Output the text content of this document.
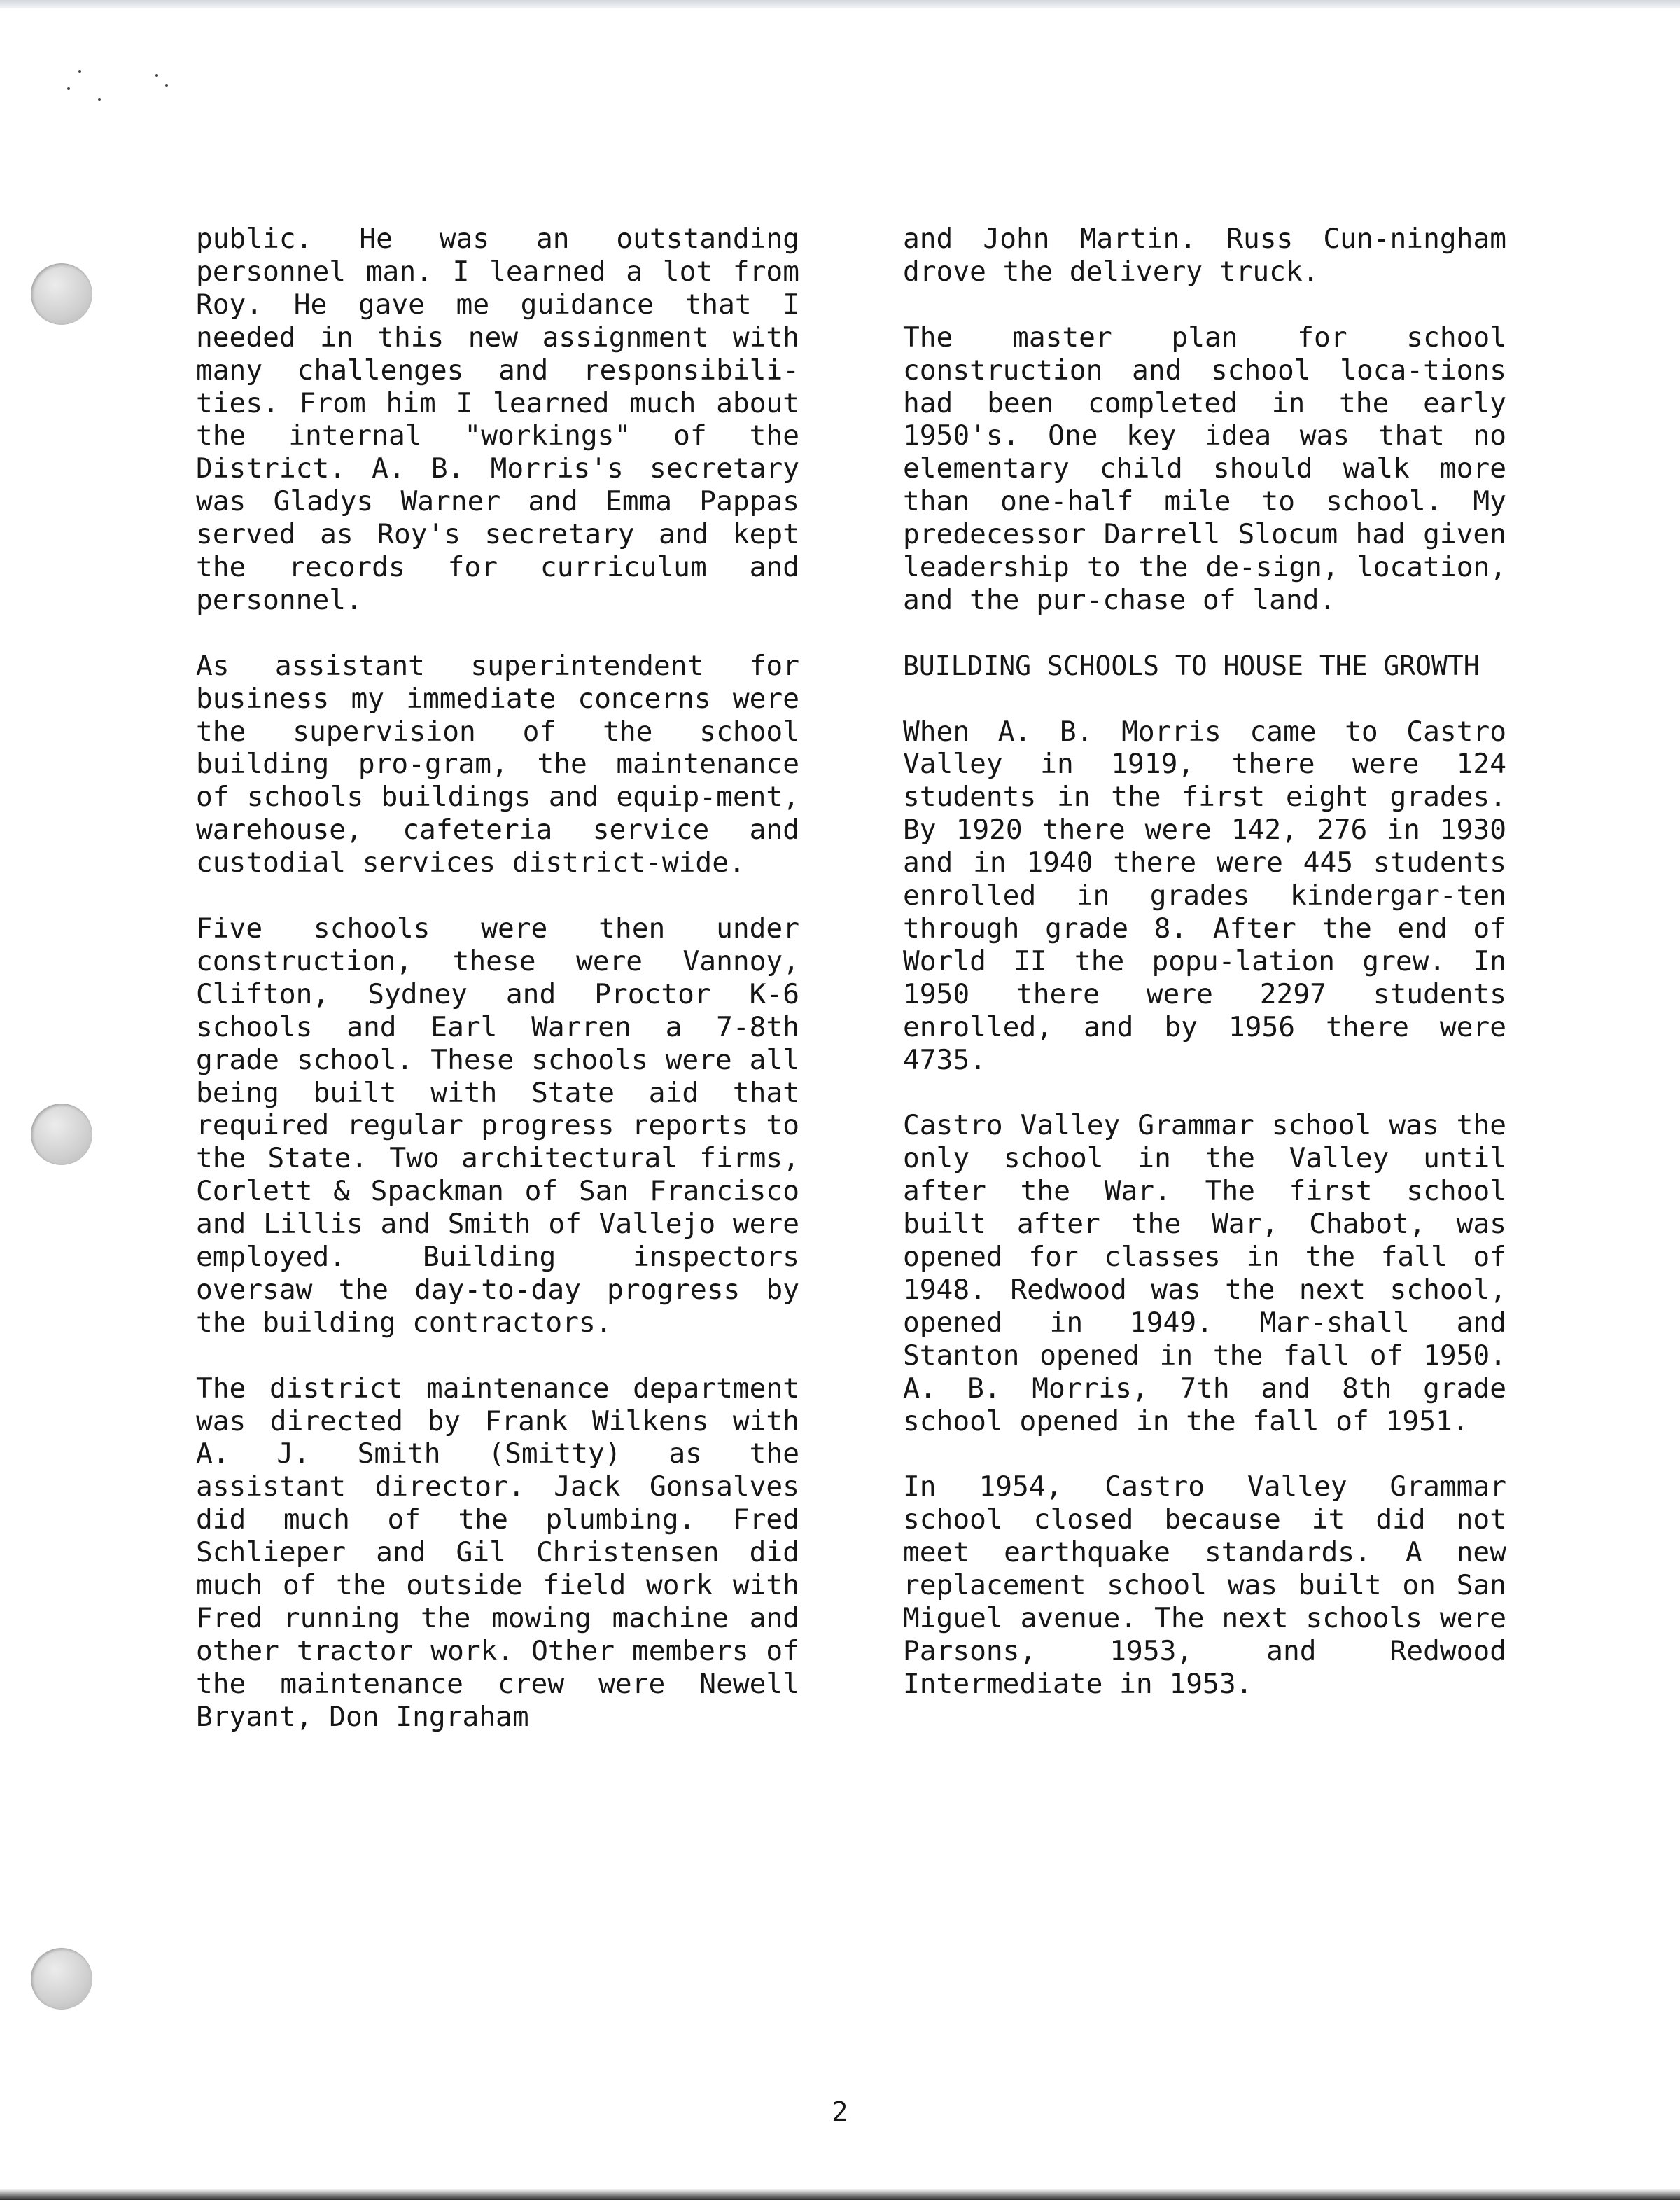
public. He was an outstanding personnel man. I learned a lot from Roy. He gave me guidance that I needed in this new assignment with many challenges and responsibili-ties. From him I learned much about the internal "workings" of the District. A. B. Morris's secretary was Gladys Warner and Emma Pappas served as Roy's secretary and kept the records for curriculum and personnel.

As assistant superintendent for business my immediate concerns were the supervision of the school building pro-gram, the maintenance of schools buildings and equip-ment, warehouse, cafeteria service and custodial services district-wide.

Five schools were then under construction, these were Vannoy, Clifton, Sydney and Proctor K-6 schools and Earl Warren a 7-8th grade school. These schools were all being built with State aid that required regular progress reports to the State. Two architectural firms, Corlett & Spackman of San Francisco and Lillis and Smith of Vallejo were employed. Building inspectors oversaw the day-to-day progress by the building contractors.

The district maintenance department was directed by Frank Wilkens with A. J. Smith (Smitty) as the assistant director. Jack Gonsalves did much of the plumbing. Fred Schlieper and Gil Christensen did much of the outside field work with Fred running the mowing machine and other tractor work. Other members of the maintenance crew were Newell Bryant, Don Ingraham

and John Martin. Russ Cun-ningham drove the delivery truck.

The master plan for school construction and school loca-tions had been completed in the early 1950's. One key idea was that no elementary child should walk more than one-half mile to school. My predecessor Darrell Slocum had given leadership to the de-sign, location, and the pur-chase of land.

BUILDING SCHOOLS TO HOUSE THE GROWTH

When A. B. Morris came to Castro Valley in 1919, there were 124 students in the first eight grades. By 1920 there were 142, 276 in 1930 and in 1940 there were 445 students enrolled in grades kindergar-ten through grade 8. After the end of World II the popu-lation grew. In 1950 there were 2297 students enrolled, and by 1956 there were 4735.

Castro Valley Grammar school was the only school in the Valley until after the War. The first school built after the War, Chabot, was opened for classes in the fall of 1948. Redwood was the next school, opened in 1949. Mar-shall and Stanton opened in the fall of 1950. A. B. Morris, 7th and 8th grade school opened in the fall of 1951.

In 1954, Castro Valley Grammar school closed because it did not meet earthquake standards. A new replacement school was built on San Miguel avenue. The next schools were Parsons, 1953, and Redwood Intermediate in 1953.

2
